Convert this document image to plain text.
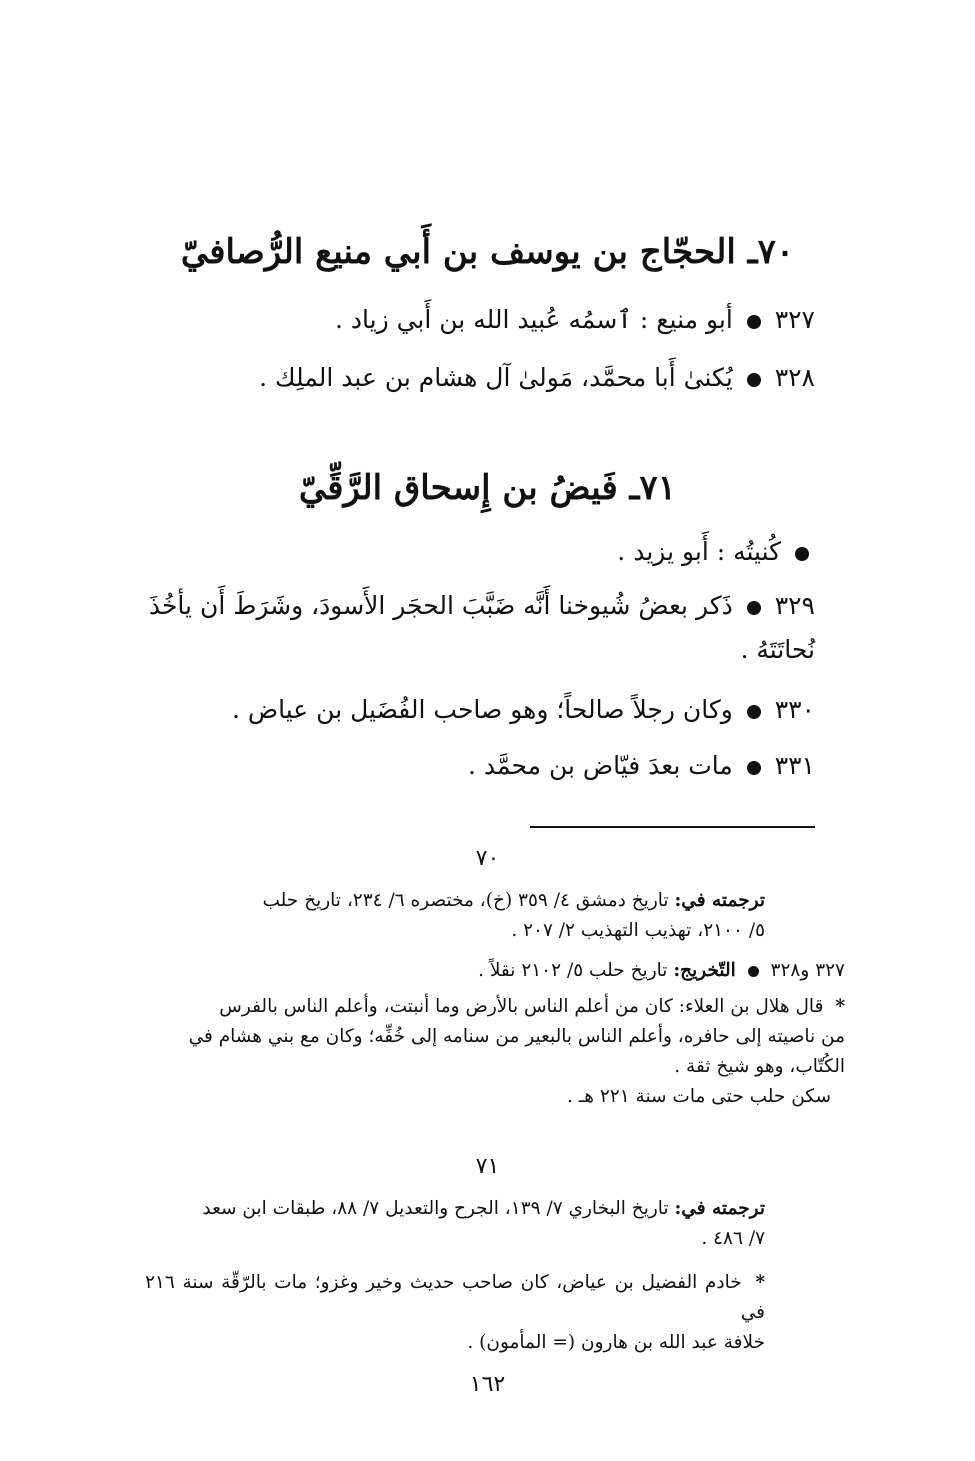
٧٠ـ الحجّاج بن يوسف بن أَبي منيع الرُّصافيّ
٣٢٧  أبو منيع : ٱسمُه عُبيد الله بن أَبي زياد .
٣٢٨  يُكنىٰ أَبا محمَّد، مَولىٰ آل هشام بن عبد الملِك .
٧١ـ فَيضُ بن إِسحاق الرَّقِّيّ
كُنيتُه : أَبو يزيد .
٣٢٩  ذَكر بعضُ شُيوخنا أَنَّه ضَبَّبَ الحجَر الأَسودَ، وشَرَطَ أَن يأخُذَ
نُحاتَتَهُ .
٣٣٠  وكان رجلاً صالحاً؛ وهو صاحب الفُضَيل بن عياض .
٣٣١  مات بعدَ فيّاض بن محمَّد .
٧٠
ترجمته في: تاريخ دمشق ٤/ ٣٥٩ (خ)، مختصره ٦/ ٢٣٤، تاريخ حلب
٥/ ٢١٠٠، تهذيب التهذيب ٢/ ٢٠٧ .
٣٢٧ و٣٢٨  التّخريج: تاريخ حلب ٥/ ٢١٠٢ نقلاً .
* قال هلال بن العلاء: كان من أعلم الناس بالأرض وما أنبتت، وأعلم الناس بالفرس
من ناصيته إلى حافره، وأعلم الناس بالبعير من سنامه إلى خُفِّه؛ وكان مع بني هشام في
الكُتّاب، وهو شيخ ثقة .
سكن حلب حتى مات سنة ٢٢١ هـ .
٧١
ترجمته في: تاريخ البخاري ٧/ ١٣٩، الجرح والتعديل ٧/ ٨٨، طبقات ابن سعد
٧/ ٤٨٦ .
* خادم الفضيل بن عياض، كان صاحب حديث وخير وغزو؛ مات بالرّقّة سنة ٢١٦ في
خلافة عبد الله بن هارون (= المأمون) .
١٦٢
